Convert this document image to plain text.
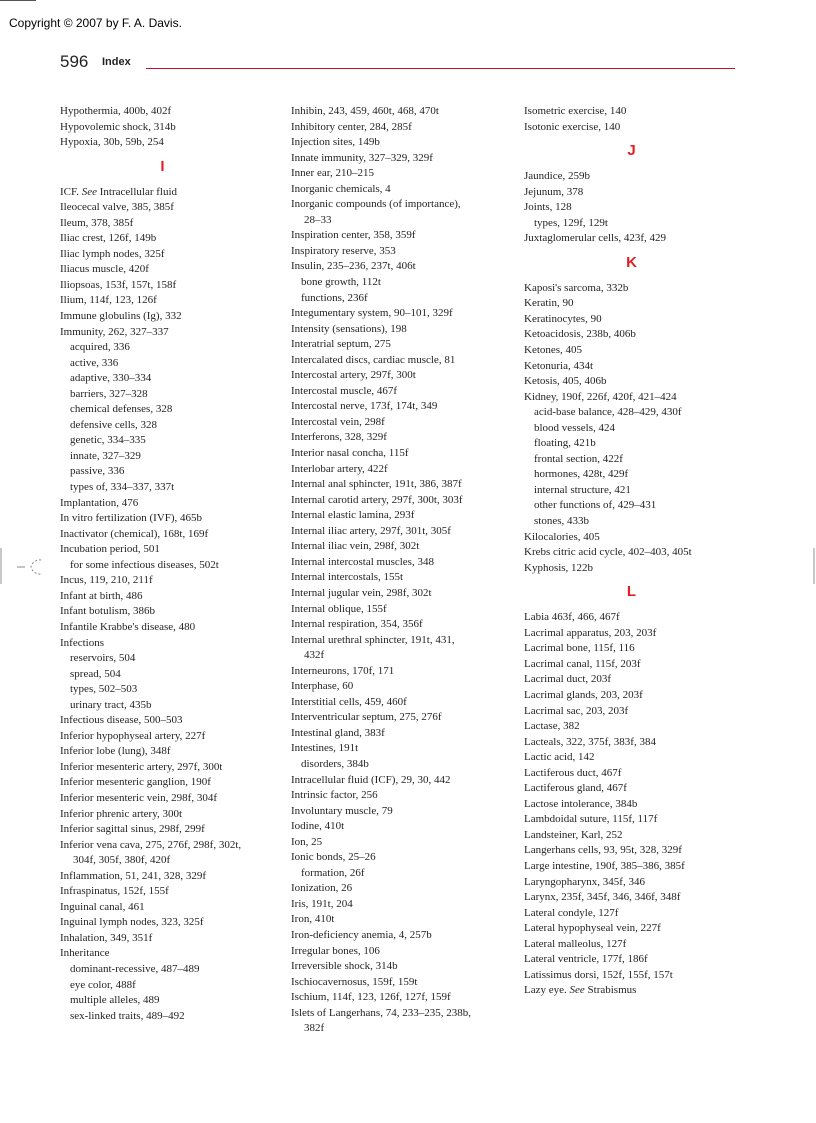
Copyright © 2007 by F. A. Davis.
596 Index
Hypothermia, 400b, 402f
Hypovolemic shock, 314b
Hypoxia, 30b, 59b, 254
I
ICF. See Intracellular fluid
Ileocecal valve, 385, 385f
Ileum, 378, 385f
Iliac crest, 126f, 149b
Iliac lymph nodes, 325f
Iliacus muscle, 420f
Iliopsoas, 153f, 157t, 158f
Ilium, 114f, 123, 126f
Immune globulins (Ig), 332
Immunity, 262, 327–337
acquired, 336
active, 336
adaptive, 330–334
barriers, 327–328
chemical defenses, 328
defensive cells, 328
genetic, 334–335
innate, 327–329
passive, 336
types of, 334–337, 337t
Implantation, 476
In vitro fertilization (IVF), 465b
Inactivator (chemical), 168t, 169f
Incubation period, 501
for some infectious diseases, 502t
Incus, 119, 210, 211f
Infant at birth, 486
Infant botulism, 386b
Infantile Krabbe's disease, 480
Infections
reservoirs, 504
spread, 504
types, 502–503
urinary tract, 435b
Infectious disease, 500–503
Inferior hypophyseal artery, 227f
Inferior lobe (lung), 348f
Inferior mesenteric artery, 297f, 300t
Inferior mesenteric ganglion, 190f
Inferior mesenteric vein, 298f, 304f
Inferior phrenic artery, 300t
Inferior sagittal sinus, 298f, 299f
Inferior vena cava, 275, 276f, 298f, 302t,
304f, 305f, 380f, 420f
Inflammation, 51, 241, 328, 329f
Infraspinatus, 152f, 155f
Inguinal canal, 461
Inguinal lymph nodes, 323, 325f
Inhalation, 349, 351f
Inheritance
dominant-recessive, 487–489
eye color, 488f
multiple alleles, 489
sex-linked traits, 489–492
Inhibin, 243, 459, 460t, 468, 470t
Inhibitory center, 284, 285f
Injection sites, 149b
Innate immunity, 327–329, 329f
Inner ear, 210–215
Inorganic chemicals, 4
Inorganic compounds (of importance),
28–33
Inspiration center, 358, 359f
Inspiratory reserve, 353
Insulin, 235–236, 237t, 406t
bone growth, 112t
functions, 236f
Integumentary system, 90–101, 329f
Intensity (sensations), 198
Interatrial septum, 275
Intercalated discs, cardiac muscle, 81
Intercostal artery, 297f, 300t
Intercostal muscle, 467f
Intercostal nerve, 173f, 174t, 349
Intercostal vein, 298f
Interferons, 328, 329f
Interior nasal concha, 115f
Interlobar artery, 422f
Internal anal sphincter, 191t, 386, 387f
Internal carotid artery, 297f, 300t, 303f
Internal elastic lamina, 293f
Internal iliac artery, 297f, 301t, 305f
Internal iliac vein, 298f, 302t
Internal intercostal muscles, 348
Internal intercostals, 155t
Internal jugular vein, 298f, 302t
Internal oblique, 155f
Internal respiration, 354, 356f
Internal urethral sphincter, 191t, 431,
432f
Interneurons, 170f, 171
Interphase, 60
Interstitial cells, 459, 460f
Interventricular septum, 275, 276f
Intestinal gland, 383f
Intestines, 191t
disorders, 384b
Intracellular fluid (ICF), 29, 30, 442
Intrinsic factor, 256
Involuntary muscle, 79
Iodine, 410t
Ion, 25
Ionic bonds, 25–26
formation, 26f
Ionization, 26
Iris, 191t, 204
Iron, 410t
Iron-deficiency anemia, 4, 257b
Irregular bones, 106
Irreversible shock, 314b
Ischiocavernosus, 159f, 159t
Ischium, 114f, 123, 126f, 127f, 159f
Islets of Langerhans, 74, 233–235, 238b,
382f
Isometric exercise, 140
Isotonic exercise, 140
J
Jaundice, 259b
Jejunum, 378
Joints, 128
types, 129f, 129t
Juxtaglomerular cells, 423f, 429
K
Kaposi's sarcoma, 332b
Keratin, 90
Keratinocytes, 90
Ketoacidosis, 238b, 406b
Ketones, 405
Ketonuria, 434t
Ketosis, 405, 406b
Kidney, 190f, 226f, 420f, 421–424
acid-base balance, 428–429, 430f
blood vessels, 424
floating, 421b
frontal section, 422f
hormones, 428t, 429f
internal structure, 421
other functions of, 429–431
stones, 433b
Kilocalories, 405
Krebs citric acid cycle, 402–403, 405t
Kyphosis, 122b
L
Labia 463f, 466, 467f
Lacrimal apparatus, 203, 203f
Lacrimal bone, 115f, 116
Lacrimal canal, 115f, 203f
Lacrimal duct, 203f
Lacrimal glands, 203, 203f
Lacrimal sac, 203, 203f
Lactase, 382
Lacteals, 322, 375f, 383f, 384
Lactic acid, 142
Lactiferous duct, 467f
Lactiferous gland, 467f
Lactose intolerance, 384b
Lambdoidal suture, 115f, 117f
Landsteiner, Karl, 252
Langerhans cells, 93, 95t, 328, 329f
Large intestine, 190f, 385–386, 385f
Laryngopharynx, 345f, 346
Larynx, 235f, 345f, 346, 346f, 348f
Lateral condyle, 127f
Lateral hypophyseal vein, 227f
Lateral malleolus, 127f
Lateral ventricle, 177f, 186f
Latissimus dorsi, 152f, 155f, 157t
Lazy eye. See Strabismus
